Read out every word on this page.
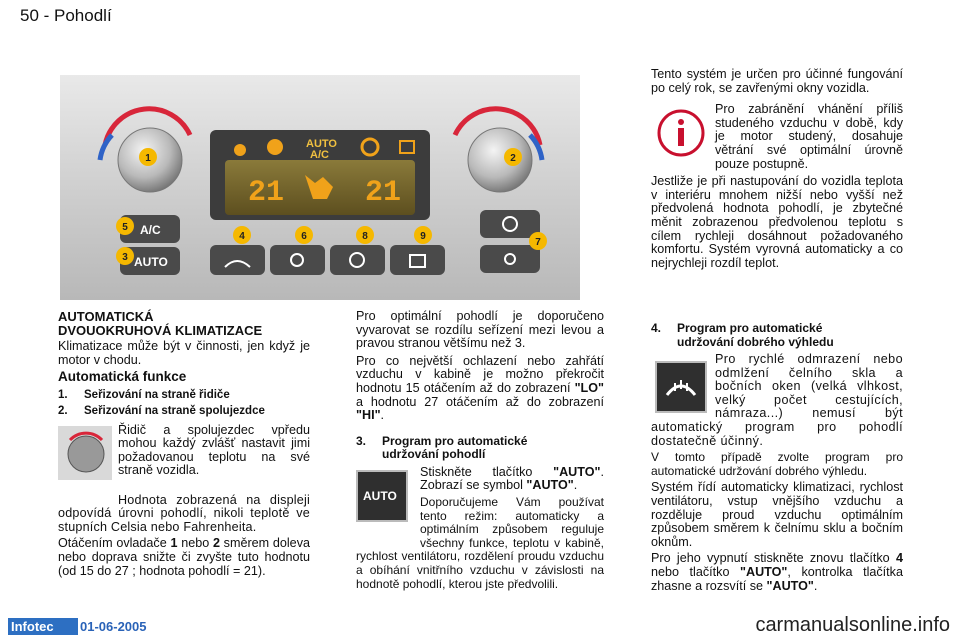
50 - Pohodlí
21	21
AUTO
A/C
A/C
AUTO
1	2
3
4
5
6
7
8	9
AUTOMATICKÁ
DVOUOKRUHOVÁ KLIMATIZACE
Klimatizace může být v činnosti, jen když je motor v chodu.
Automatická funkce
1. Seřizování na straně řidiče
2. Seřizování na straně spolujezdce
Řidič a spolujezdec vpředu mohou každý zvlášť nastavit jimi požadovanou teplotu na své straně vozidla.
Hodnota zobrazená na displeji odpovídá úrovni pohodlí, nikoli teplotě ve stupních Celsia nebo Fahrenheita.
Otáčením ovladače 1 nebo 2 směrem doleva nebo doprava snižte či zvyšte tuto hodnotu (od 15 do 27 ; hodnota pohodlí = 21).
Pro optimální pohodlí je doporučeno vyvarovat se rozdílu seřízení mezi levou a pravou stranou většímu než 3.
Pro co největší ochlazení nebo zahřátí vzduchu v kabině je možno překročit hodnotu 15 otáčením až do zobrazení "LO" a hodnotu 27 otáčením až do zobrazení "HI".
3. Program pro automatické
udržování pohodlí
AUTO
Stiskněte tlačítko "AUTO". Zobrazí se symbol "AUTO".
Doporučujeme Vám používat tento režim: automaticky a optimálním způsobem reguluje všechny funkce, teplotu v kabině, rychlost ventilátoru, rozdělení proudu vzduchu a obíhání vnitřního vzduchu v závislosti na hodnotě pohodlí, kterou jste předvolili.
Tento systém je určen pro účinné fungování po celý rok, se zavřenými okny vozidla.
Pro zabránění vhánění příliš studeného vzduchu v době, kdy je motor studený, dosahuje větrání své optimální úrovně pouze postupně.
Jestliže je při nastupování do vozidla teplota v interiéru mnohem nižší nebo vyšší než předvolená hodnota pohodlí, je zbytečné měnit zobrazenou předvolenou teplotu s cílem rychleji dosáhnout požadovaného komfortu. Systém vyrovná automaticky a co nejrychleji rozdíl teplot.
4. Program pro automatické
udržování dobrého výhledu
Pro rychlé odmrazení nebo odmlžení čelního skla a bočních oken (velká vlhkost, velký počet cestujících, námraza...) nemusí být automatický program pro pohodlí dostatečně účinný.
V tomto případě zvolte program pro automatické udržování dobrého výhledu.
Systém řídí automaticky klimatizaci, rychlost ventilátoru, vstup vnějšího vzduchu a rozděluje proud vzduchu optimálním způsobem směrem k čelnímu sklu a bočním oknům.
Pro jeho vypnutí stiskněte znovu tlačítko 4 nebo tlačítko "AUTO", kontrolka tlačítka zhasne a rozsvítí se "AUTO".
Infotec	01-06-2005	carmanualsonline.info
